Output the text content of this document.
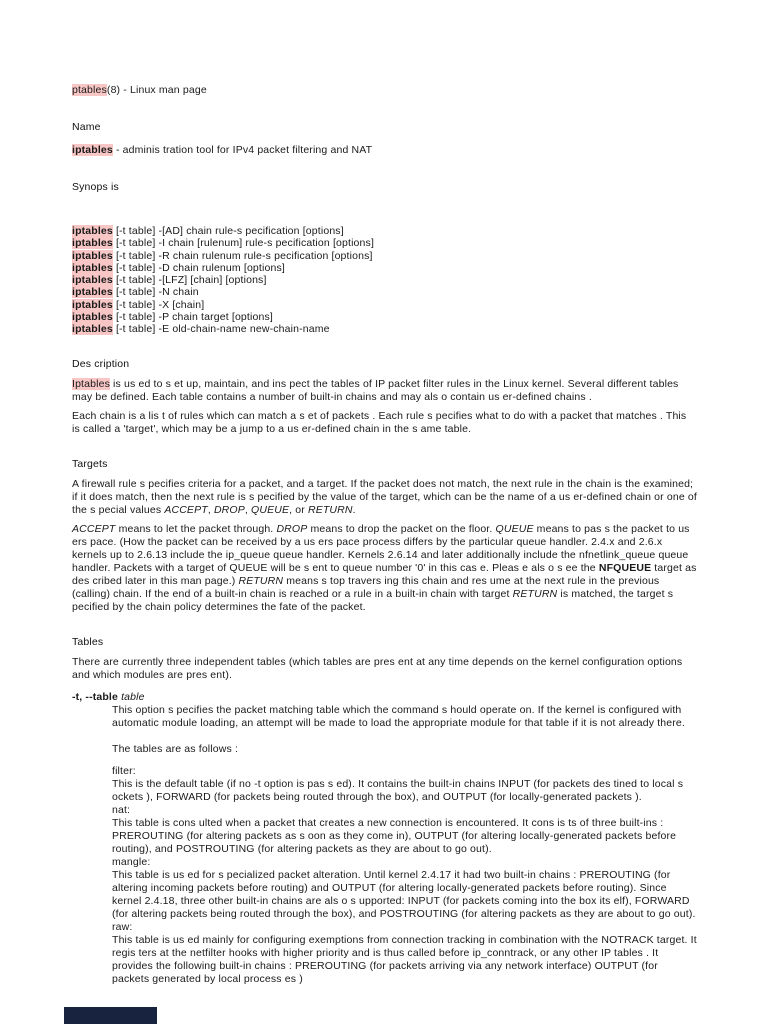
ptables(8) - Linux man page
Name
iptables - adminis tration tool for IPv4 packet filtering and NAT
Synops is
iptables [-t table] -[AD] chain rule-s pecification [options]
iptables [-t table] -I chain [rulenum] rule-s pecification [options]
iptables [-t table] -R chain rulenum rule-s pecification [options]
iptables [-t table] -D chain rulenum [options]
iptables [-t table] -[LFZ] [chain] [options]
iptables [-t table] -N chain
iptables [-t table] -X [chain]
iptables [-t table] -P chain target [options]
iptables [-t table] -E old-chain-name new-chain-name
Des cription

Iptables is us ed to s et up, maintain, and ins pect the tables of IP packet filter rules in the Linux kernel. Several different tables may be defined. Each table contains a number of built-in chains and may als o contain us er-defined chains .

Each chain is a lis t of rules which can match a s et of packets . Each rule s pecifies what to do with a packet that matches . This is called a 'target', which may be a jump to a us er-defined chain in the s ame table.

Targets

A firewall rule s pecifies criteria for a packet, and a target. If the packet does not match, the next rule in the chain is the examined; if it does match, then the next rule is s pecified by the value of the target, which can be the name of a us er-defined chain or one of the s pecial values ACCEPT, DROP, QUEUE, or RETURN.

ACCEPT means to let the packet through. DROP means to drop the packet on the floor. QUEUE means to pas s the packet to us ers pace. (How the packet can be received by a us ers pace process differs by the particular queue handler. 2.4.x and 2.6.x kernels up to 2.6.13 include the ip_queue queue handler. Kernels 2.6.14 and later additionally include the nfnetlink_queue queue handler. Packets with a target of QUEUE will be s ent to queue number '0' in this cas e. Pleas e als o s ee the NFQUEUE target as des cribed later in this man page.) RETURN means s top travers ing this chain and res ume at the next rule in the previous (calling) chain. If the end of a built-in chain is reached or a rule in a built-in chain with target RETURN is matched, the target s pecified by the chain policy determines the fate of the packet.

Tables

There are currently three independent tables (which tables are pres ent at any time depends on the kernel configuration options and which modules are pres ent).

-t, --table table

This option s pecifies the packet matching table which the command s hould operate on. If the kernel is configured with automatic module loading, an attempt will be made to load the appropriate module for that table if it is not already there.

The tables are as follows :

filter:

This is the default table (if no -t option is pas s ed). It contains the built-in chains INPUT (for packets des tined to local s ockets ), FORWARD (for packets being routed through the box), and OUTPUT (for locally-generated packets ).

nat:

This table is cons ulted when a packet that creates a new connection is encountered. It cons is ts of three built-ins : PREROUTING (for altering packets as s oon as they come in), OUTPUT (for altering locally-generated packets before routing), and POSTROUTING (for altering packets as they are about to go out).

mangle:

This table is us ed for s pecialized packet alteration. Until kernel 2.4.17 it had two built-in chains : PREROUTING (for altering incoming packets before routing) and OUTPUT (for altering locally-generated packets before routing). Since kernel 2.4.18, three other built-in chains are als o s upported: INPUT (for packets coming into the box its elf), FORWARD (for altering packets being routed through the box), and POSTROUTING (for altering packets as they are about to go out).

raw:

This table is us ed mainly for configuring exemptions from connection tracking in combination with the NOTRACK target. It regis ters at the netfilter hooks with higher priority and is thus called before ip_conntrack, or any other IP tables . It provides the following built-in chains : PREROUTING (for packets arriving via any network interface) OUTPUT (for packets generated by local process es )
